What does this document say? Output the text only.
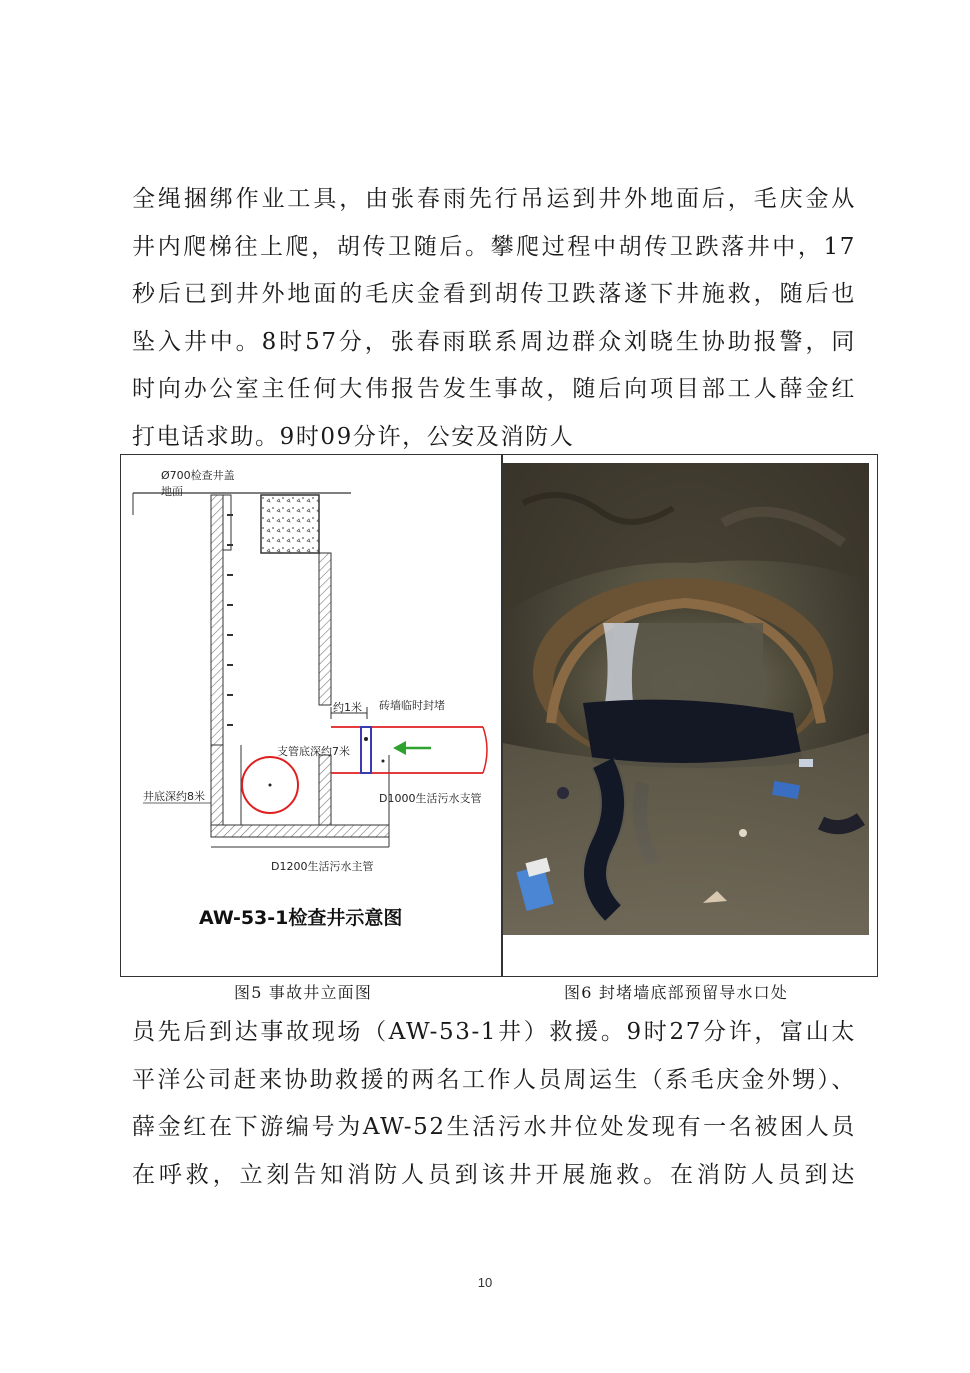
全绳捆绑作业工具，由张春雨先行吊运到井外地面后，毛庆金从
井内爬梯往上爬，胡传卫随后。攀爬过程中胡传卫跌落井中，17
秒后已到井外地面的毛庆金看到胡传卫跌落遂下井施救，随后也
坠入井中。8时57分，张春雨联系周边群众刘晓生协助报警，同
时向办公室主任何大伟报告发生事故，随后向项目部工人薛金红
打电话求助。9时09分许，公安及消防人
Ø700检查井盖
地面
约1米 砖墙临时封堵
支管底深约7米
井底深约8米	D1000生活污水支管
D1200生活污水主管
AW-53-1检查井示意图
图5 事故井立面图	图6 封堵墙底部预留导水口处
员先后到达事故现场（AW-53-1井）救援。9时27分许，富山太
平洋公司赶来协助救援的两名工作人员周运生（系毛庆金外甥）、
薛金红在下游编号为AW-52生活污水井位处发现有一名被困人员
在呼救，立刻告知消防人员到该井开展施救。在消防人员到达
10
